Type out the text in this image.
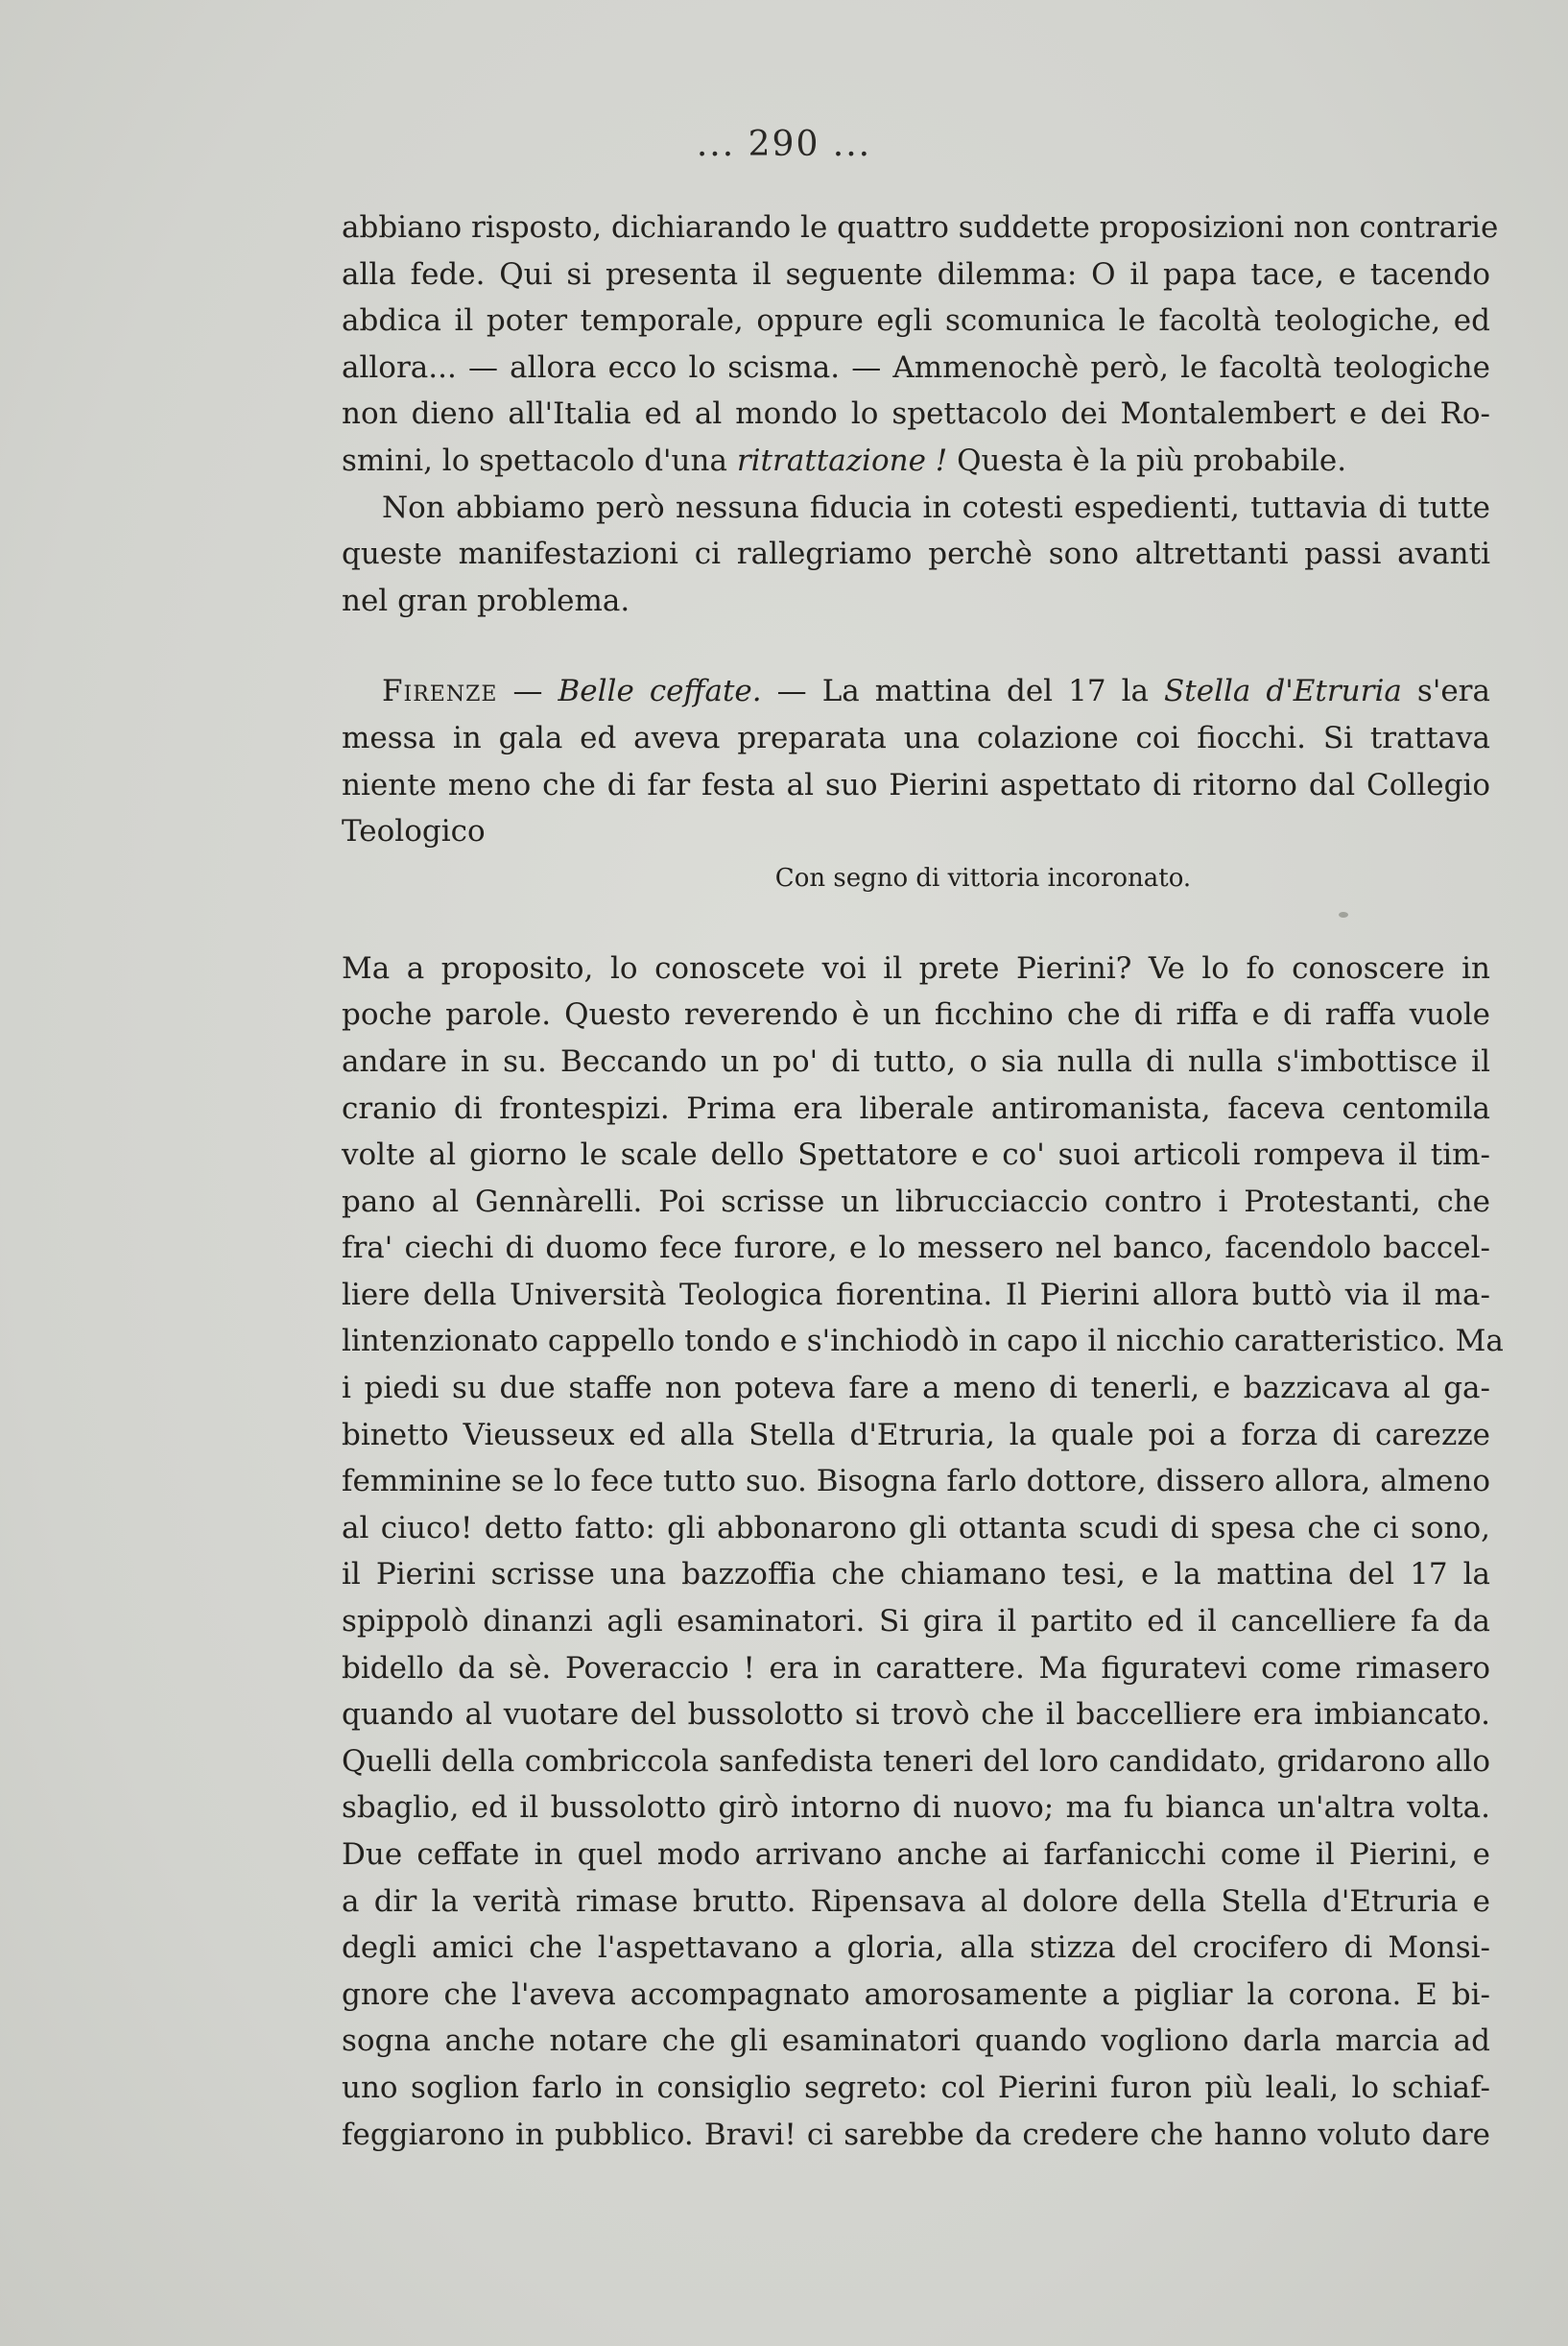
... 290 ...
abbiano risposto, dichiarando le quattro suddette proposizioni non contrarie
alla fede. Qui si presenta il seguente dilemma: O il papa tace, e tacendo
abdica il poter temporale, oppure egli scomunica le facoltà teologiche, ed
allora... — allora ecco lo scisma. — Ammenochè però, le facoltà teologiche
non dieno all'Italia ed al mondo lo spettacolo dei Montalembert e dei Ro-
smini, lo spettacolo d'una ritrattazione ! Questa è la più probabile.
Non abbiamo però nessuna fiducia in cotesti espedienti, tuttavia di tutte
queste manifestazioni ci rallegriamo perchè sono altrettanti passi avanti
nel gran problema.
Firenze — Belle ceffate. — La mattina del 17 la Stella d'Etruria s'era
messa in gala ed aveva preparata una colazione coi fiocchi. Si trattava
niente meno che di far festa al suo Pierini aspettato di ritorno dal Collegio
Teologico
Con segno di vittoria incoronato.
Ma a proposito, lo conoscete voi il prete Pierini? Ve lo fo conoscere in
poche parole. Questo reverendo è un ficchino che di riffa e di raffa vuole
andare in su. Beccando un po' di tutto, o sia nulla di nulla s'imbottisce il
cranio di frontespizi. Prima era liberale antiromanista, faceva centomila
volte al giorno le scale dello Spettatore e co' suoi articoli rompeva il tim-
pano al Gennàrelli. Poi scrisse un librucciaccio contro i Protestanti, che
fra' ciechi di duomo fece furore, e lo messero nel banco, facendolo baccel-
liere della Università Teologica fiorentina. Il Pierini allora buttò via il ma-
lintenzionato cappello tondo e s'inchiodò in capo il nicchio caratteristico. Ma
i piedi su due staffe non poteva fare a meno di tenerli, e bazzicava al ga-
binetto Vieusseux ed alla Stella d'Etruria, la quale poi a forza di carezze
femminine se lo fece tutto suo. Bisogna farlo dottore, dissero allora, almeno
al ciuco! detto fatto: gli abbonarono gli ottanta scudi di spesa che ci sono,
il Pierini scrisse una bazzoffia che chiamano tesi, e la mattina del 17 la
spippolò dinanzi agli esaminatori. Si gira il partito ed il cancelliere fa da
bidello da sè. Poveraccio ! era in carattere. Ma figuratevi come rimasero
quando al vuotare del bussolotto si trovò che il baccelliere era imbiancato.
Quelli della combriccola sanfedista teneri del loro candidato, gridarono allo
sbaglio, ed il bussolotto girò intorno di nuovo; ma fu bianca un'altra volta.
Due ceffate in quel modo arrivano anche ai farfanicchi come il Pierini, e
a dir la verità rimase brutto. Ripensava al dolore della Stella d'Etruria e
degli amici che l'aspettavano a gloria, alla stizza del crocifero di Monsi-
gnore che l'aveva accompagnato amorosamente a pigliar la corona. E bi-
sogna anche notare che gli esaminatori quando vogliono darla marcia ad
uno soglion farlo in consiglio segreto: col Pierini furon più leali, lo schiaf-
feggiarono in pubblico. Bravi! ci sarebbe da credere che hanno voluto dare
